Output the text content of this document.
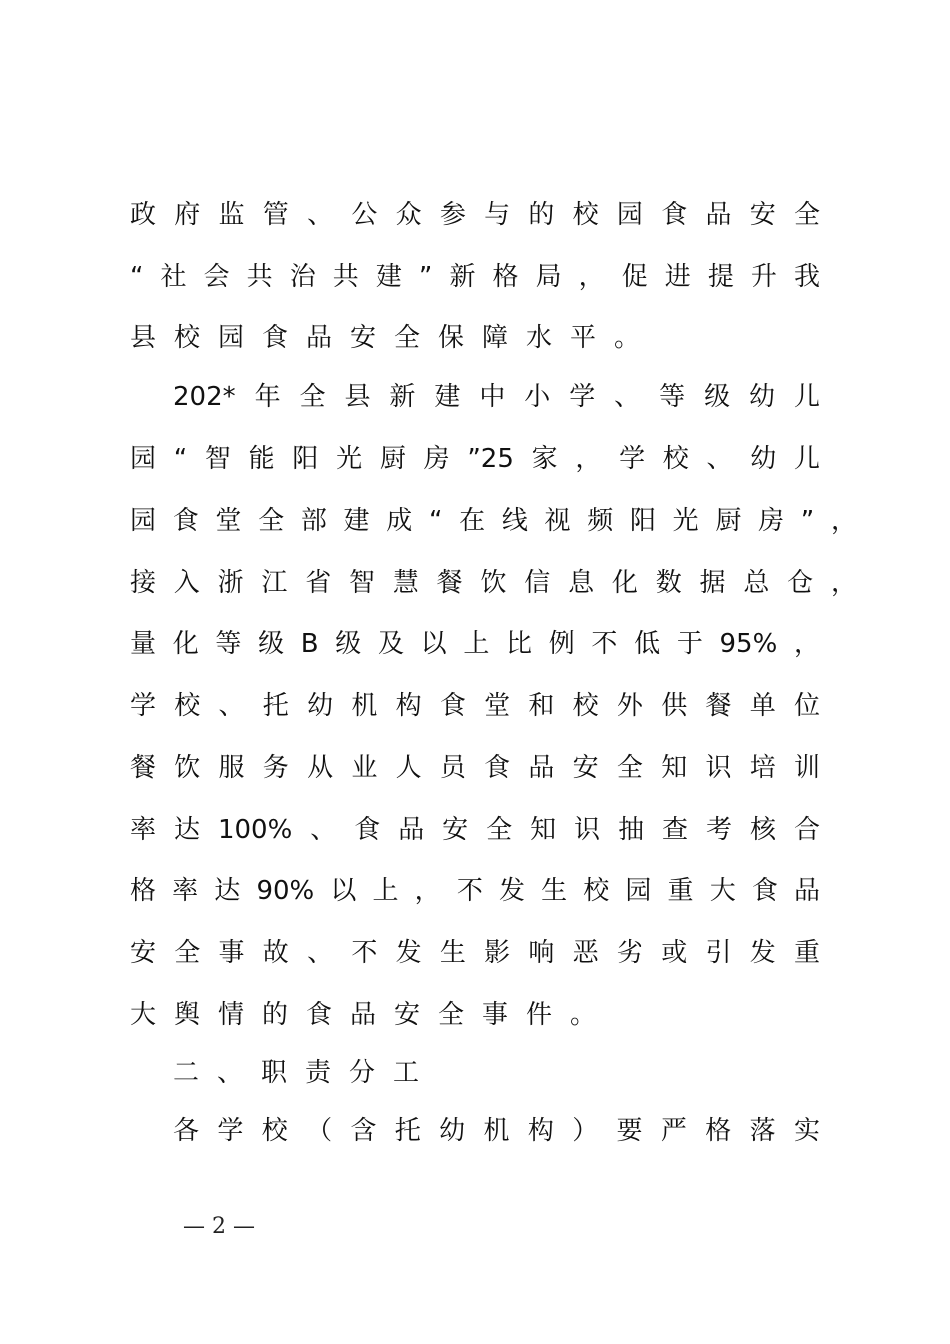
政府监管、公众参与的校园食品安全
“社会共治共建”新格局，促进提升我
县校园食品安全保障水平。
202*年全县新建中小学、等级幼儿
园“智能阳光厨房”25家，学校、幼儿
园食堂全部建成“在线视频阳光厨房”，
接入浙江省智慧餐饮信息化数据总仓，
量化等级B级及以上比例不低于95%，
学校、托幼机构食堂和校外供餐单位
餐饮服务从业人员食品安全知识培训
率达100%、食品安全知识抽查考核合
格率达90%以上，不发生校园重大食品
安全事故、不发生影响恶劣或引发重
大舆情的食品安全事件。
二、职责分工
各学校（含托幼机构）要严格落实
— 2 —
